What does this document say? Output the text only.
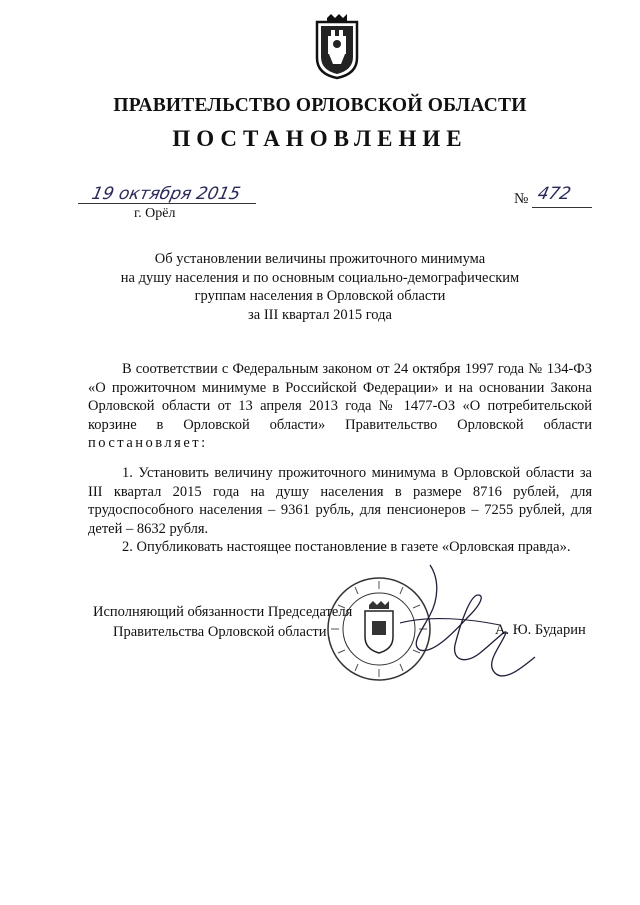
ПРАВИТЕЛЬСТВО ОРЛОВСКОЙ ОБЛАСТИ
ПОСТАНОВЛЕНИЕ
19 октября 2015
г. Орёл
№ 472
Об установлении величины прожиточного минимума
на душу населения и по основным социально-демографическим
группам населения в Орловской области
за III квартал 2015 года
В соответствии с Федеральным законом от 24 октября 1997 года № 134-ФЗ «О прожиточном минимуме в Российской Федерации» и на основании Закона Орловской области от 13 апреля 2013 года № 1477-ОЗ «О потребительской корзине в Орловской области» Правительство Орловской области постановляет:
1. Установить величину прожиточного минимума в Орловской области за III квартал 2015 года на душу населения в размере 8716 рублей, для трудоспособного населения – 9361 рубль, для пенсионеров – 7255 рублей, для детей – 8632 рубля.
2. Опубликовать настоящее постановление в газете «Орловская правда».
Исполняющий обязанности Председателя
Правительства Орловской области	А. Ю. Бударин
